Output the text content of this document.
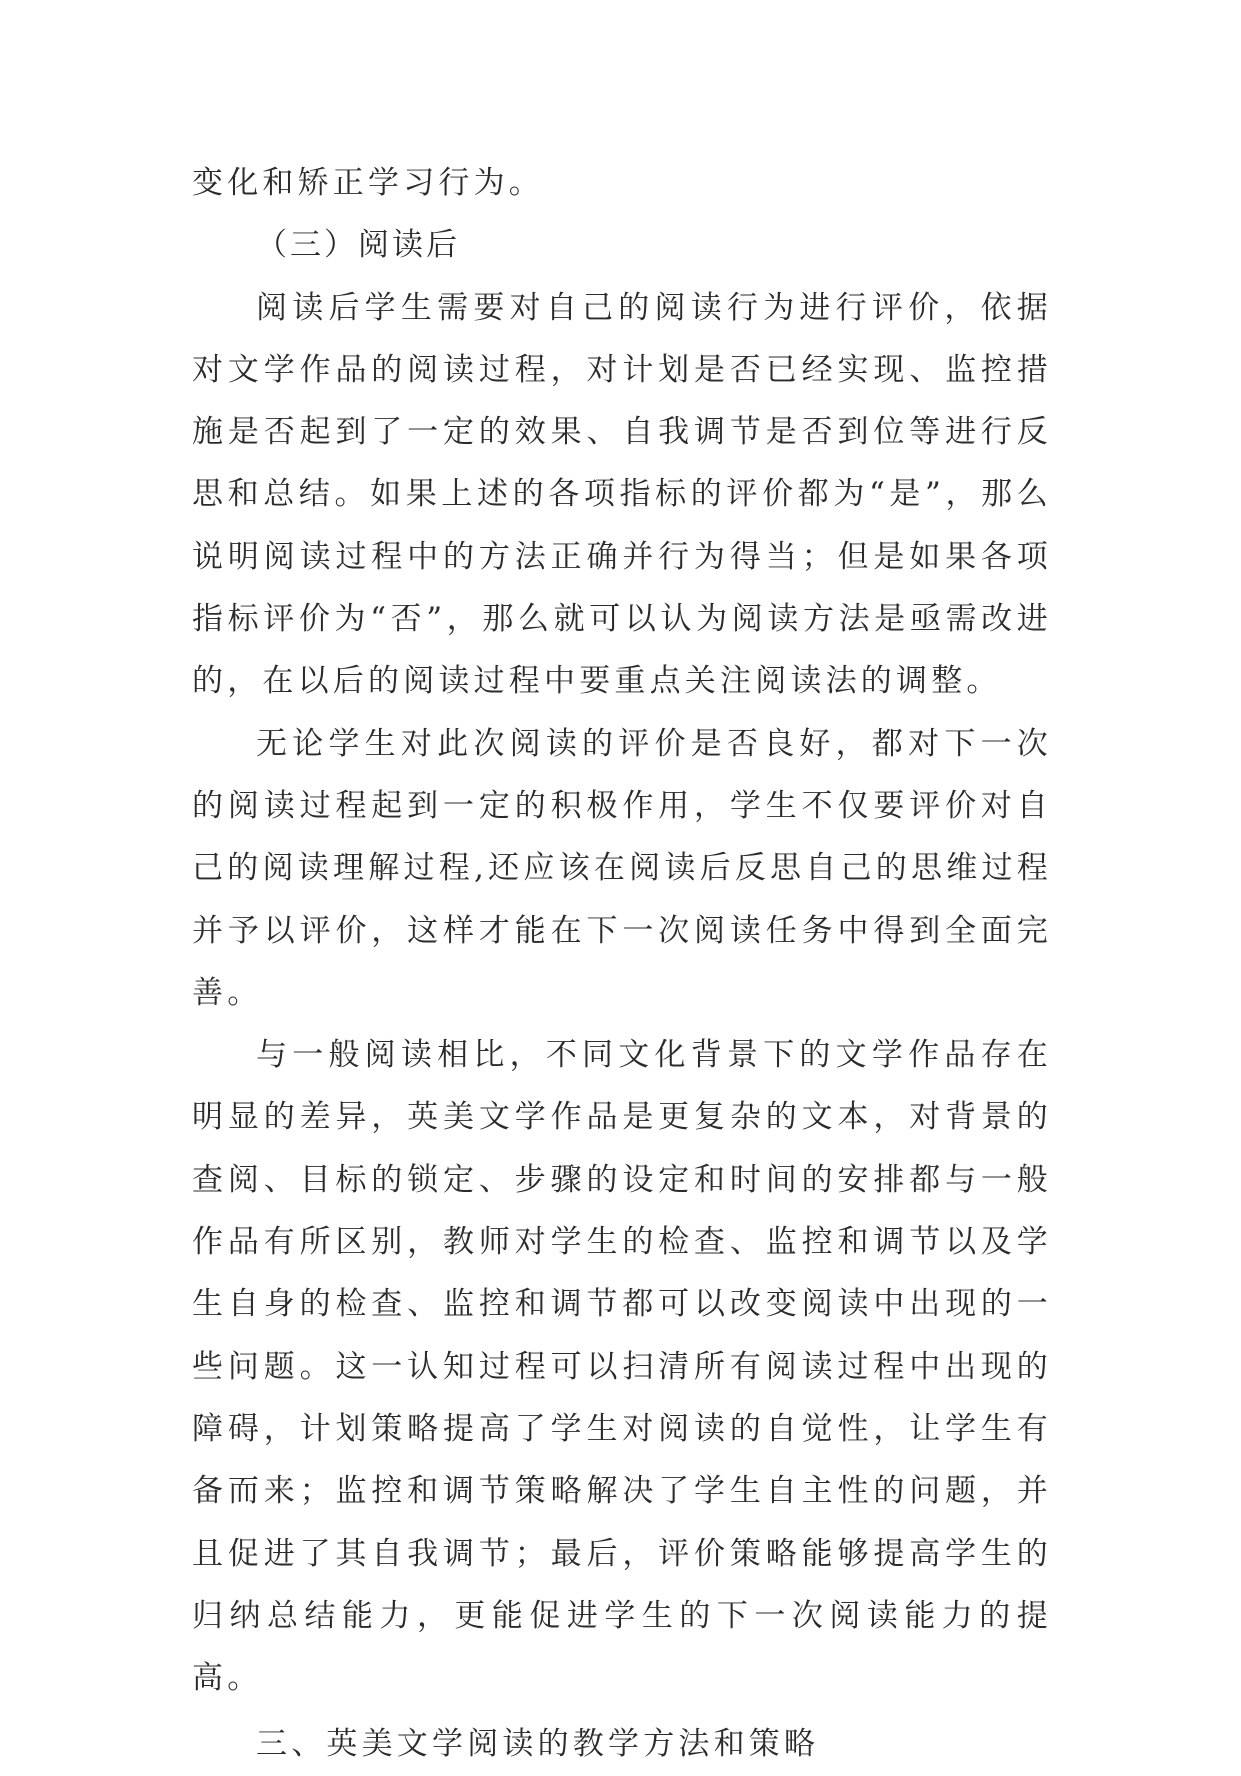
变化和矫正学习行为。

（三）阅读后

阅读后学生需要对自己的阅读行为进行评价，依据对文学作品的阅读过程，对计划是否已经实现、监控措施是否起到了一定的效果、自我调节是否到位等进行反思和总结。如果上述的各项指标的评价都为“是”，那么说明阅读过程中的方法正确并行为得当；但是如果各项指标评价为“否”，那么就可以认为阅读方法是亟需改进的，在以后的阅读过程中要重点关注阅读法的调整。

无论学生对此次阅读的评价是否良好，都对下一次的阅读过程起到一定的积极作用，学生不仅要评价对自己的阅读理解过程,还应该在阅读后反思自己的思维过程并予以评价，这样才能在下一次阅读任务中得到全面完善。

与一般阅读相比，不同文化背景下的文学作品存在明显的差异，英美文学作品是更复杂的文本，对背景的查阅、目标的锁定、步骤的设定和时间的安排都与一般作品有所区别，教师对学生的检查、监控和调节以及学生自身的检查、监控和调节都可以改变阅读中出现的一些问题。这一认知过程可以扫清所有阅读过程中出现的障碍，计划策略提高了学生对阅读的自觉性，让学生有备而来；监控和调节策略解决了学生自主性的问题，并且促进了其自我调节；最后，评价策略能够提高学生的归纳总结能力，更能促进学生的下一次阅读能力的提高。

三、英美文学阅读的教学方法和策略
